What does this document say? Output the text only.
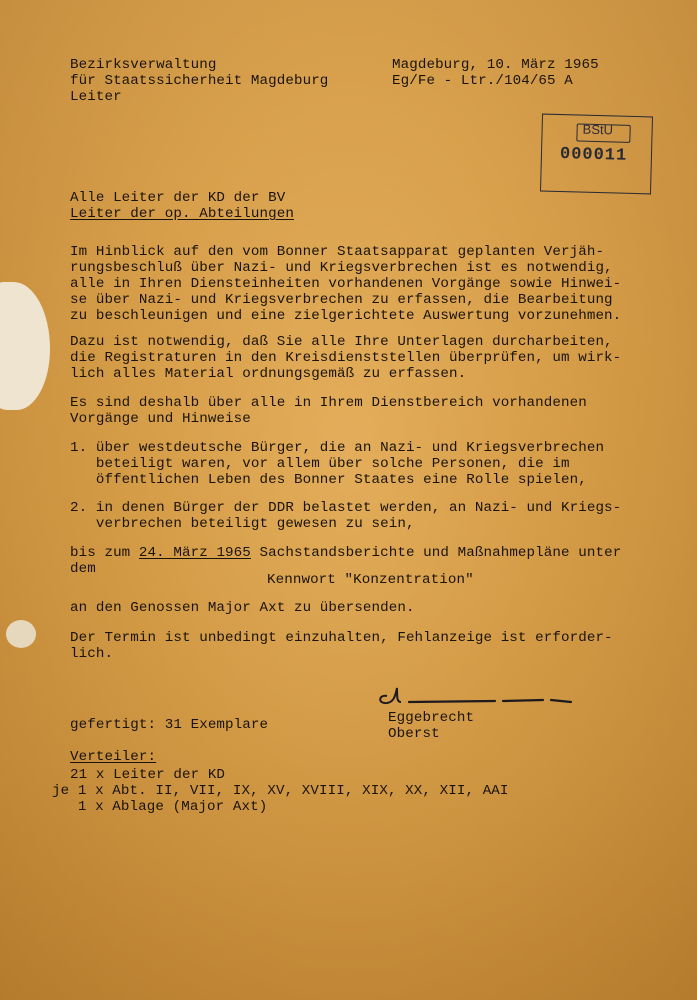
Bezirksverwaltung
für Staatssicherheit Magdeburg
Leiter
Magdeburg, 10. März 1965
Eg/Fe - Ltr./104/65 A
BStU
000011
Alle Leiter der KD der BV
Leiter der op. Abteilungen
Im Hinblick auf den vom Bonner Staatsapparat geplanten Verjäh-
rungsbeschluß über Nazi- und Kriegsverbrechen ist es notwendig,
alle in Ihren Diensteinheiten vorhandenen Vorgänge sowie Hinwei-
se über Nazi- und Kriegsverbrechen zu erfassen, die Bearbeitung
zu beschleunigen und eine zielgerichtete Auswertung vorzunehmen.
Dazu ist notwendig, daß Sie alle Ihre Unterlagen durcharbeiten,
die Registraturen in den Kreisdienststellen überprüfen, um wirk-
lich alles Material ordnungsgemäß zu erfassen.
Es sind deshalb über alle in Ihrem Dienstbereich vorhandenen
Vorgänge und Hinweise
1. über westdeutsche Bürger, die an Nazi- und Kriegsverbrechen
beteiligt waren, vor allem über solche Personen, die im
öffentlichen Leben des Bonner Staates eine Rolle spielen,
2. in denen Bürger der DDR belastet werden, an Nazi- und Kriegs-
verbrechen beteiligt gewesen zu sein,
bis zum 24. März 1965 Sachstandsberichte und Maßnahmepläne unter
dem
Kennwort "Konzentration"
an den Genossen Major Axt zu übersenden.
Der Termin ist unbedingt einzuhalten, Fehlanzeige ist erforder-
lich.
gefertigt: 31 Exemplare	Eggebrecht
Oberst
Verteiler:
21 x Leiter der KD
je 1 x Abt. II, VII, IX, XV, XVIII, XIX, XX, XII, AAI
1 x Ablage (Major Axt)
